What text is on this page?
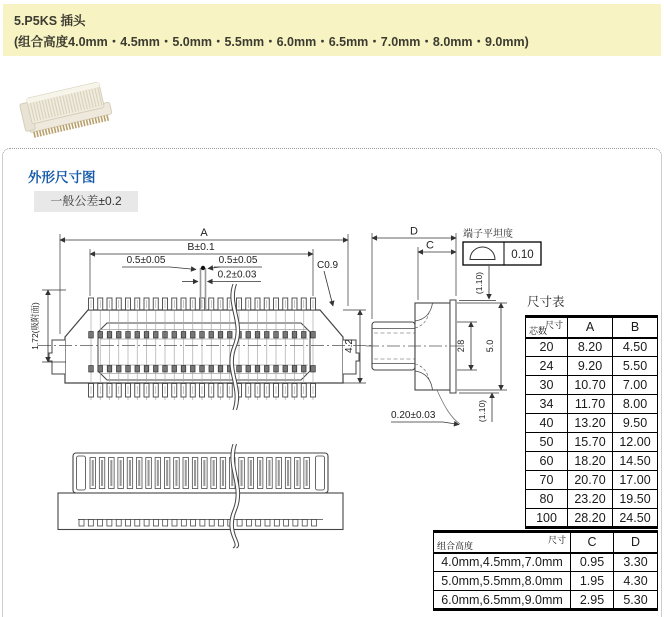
5.P5KS 插头
(组合高度4.0mm・4.5mm・5.0mm・5.5mm・6.0mm・6.5mm・7.0mm・8.0mm・9.0mm)
外形尺寸图
一般公差±0.2
A
B±0.1
0.5±0.05	0.5±0.05
0.2±0.03
1.72(吸附面)
C0.9
4.2
D
C
端子平坦度
0.10
(1.10)
2.8 5.0
(1.10)
0.20±0.03
尺寸表
尺寸
芯数	A	B
20	8.20	4.50
24	9.20	5.50
30	10.70	7.00
34	11.70	8.00
40	13.20	9.50
50	15.70	12.00
60	18.20	14.50
70	20.70	17.00
80	23.20	19.50
100	28.20	24.50
尺寸
组合高度	C	D
4.0mm,4.5mm,7.0mm	0.95	3.30
5.0mm,5.5mm,8.0mm	1.95	4.30
6.0mm,6.5mm,9.0mm	2.95	5.30
